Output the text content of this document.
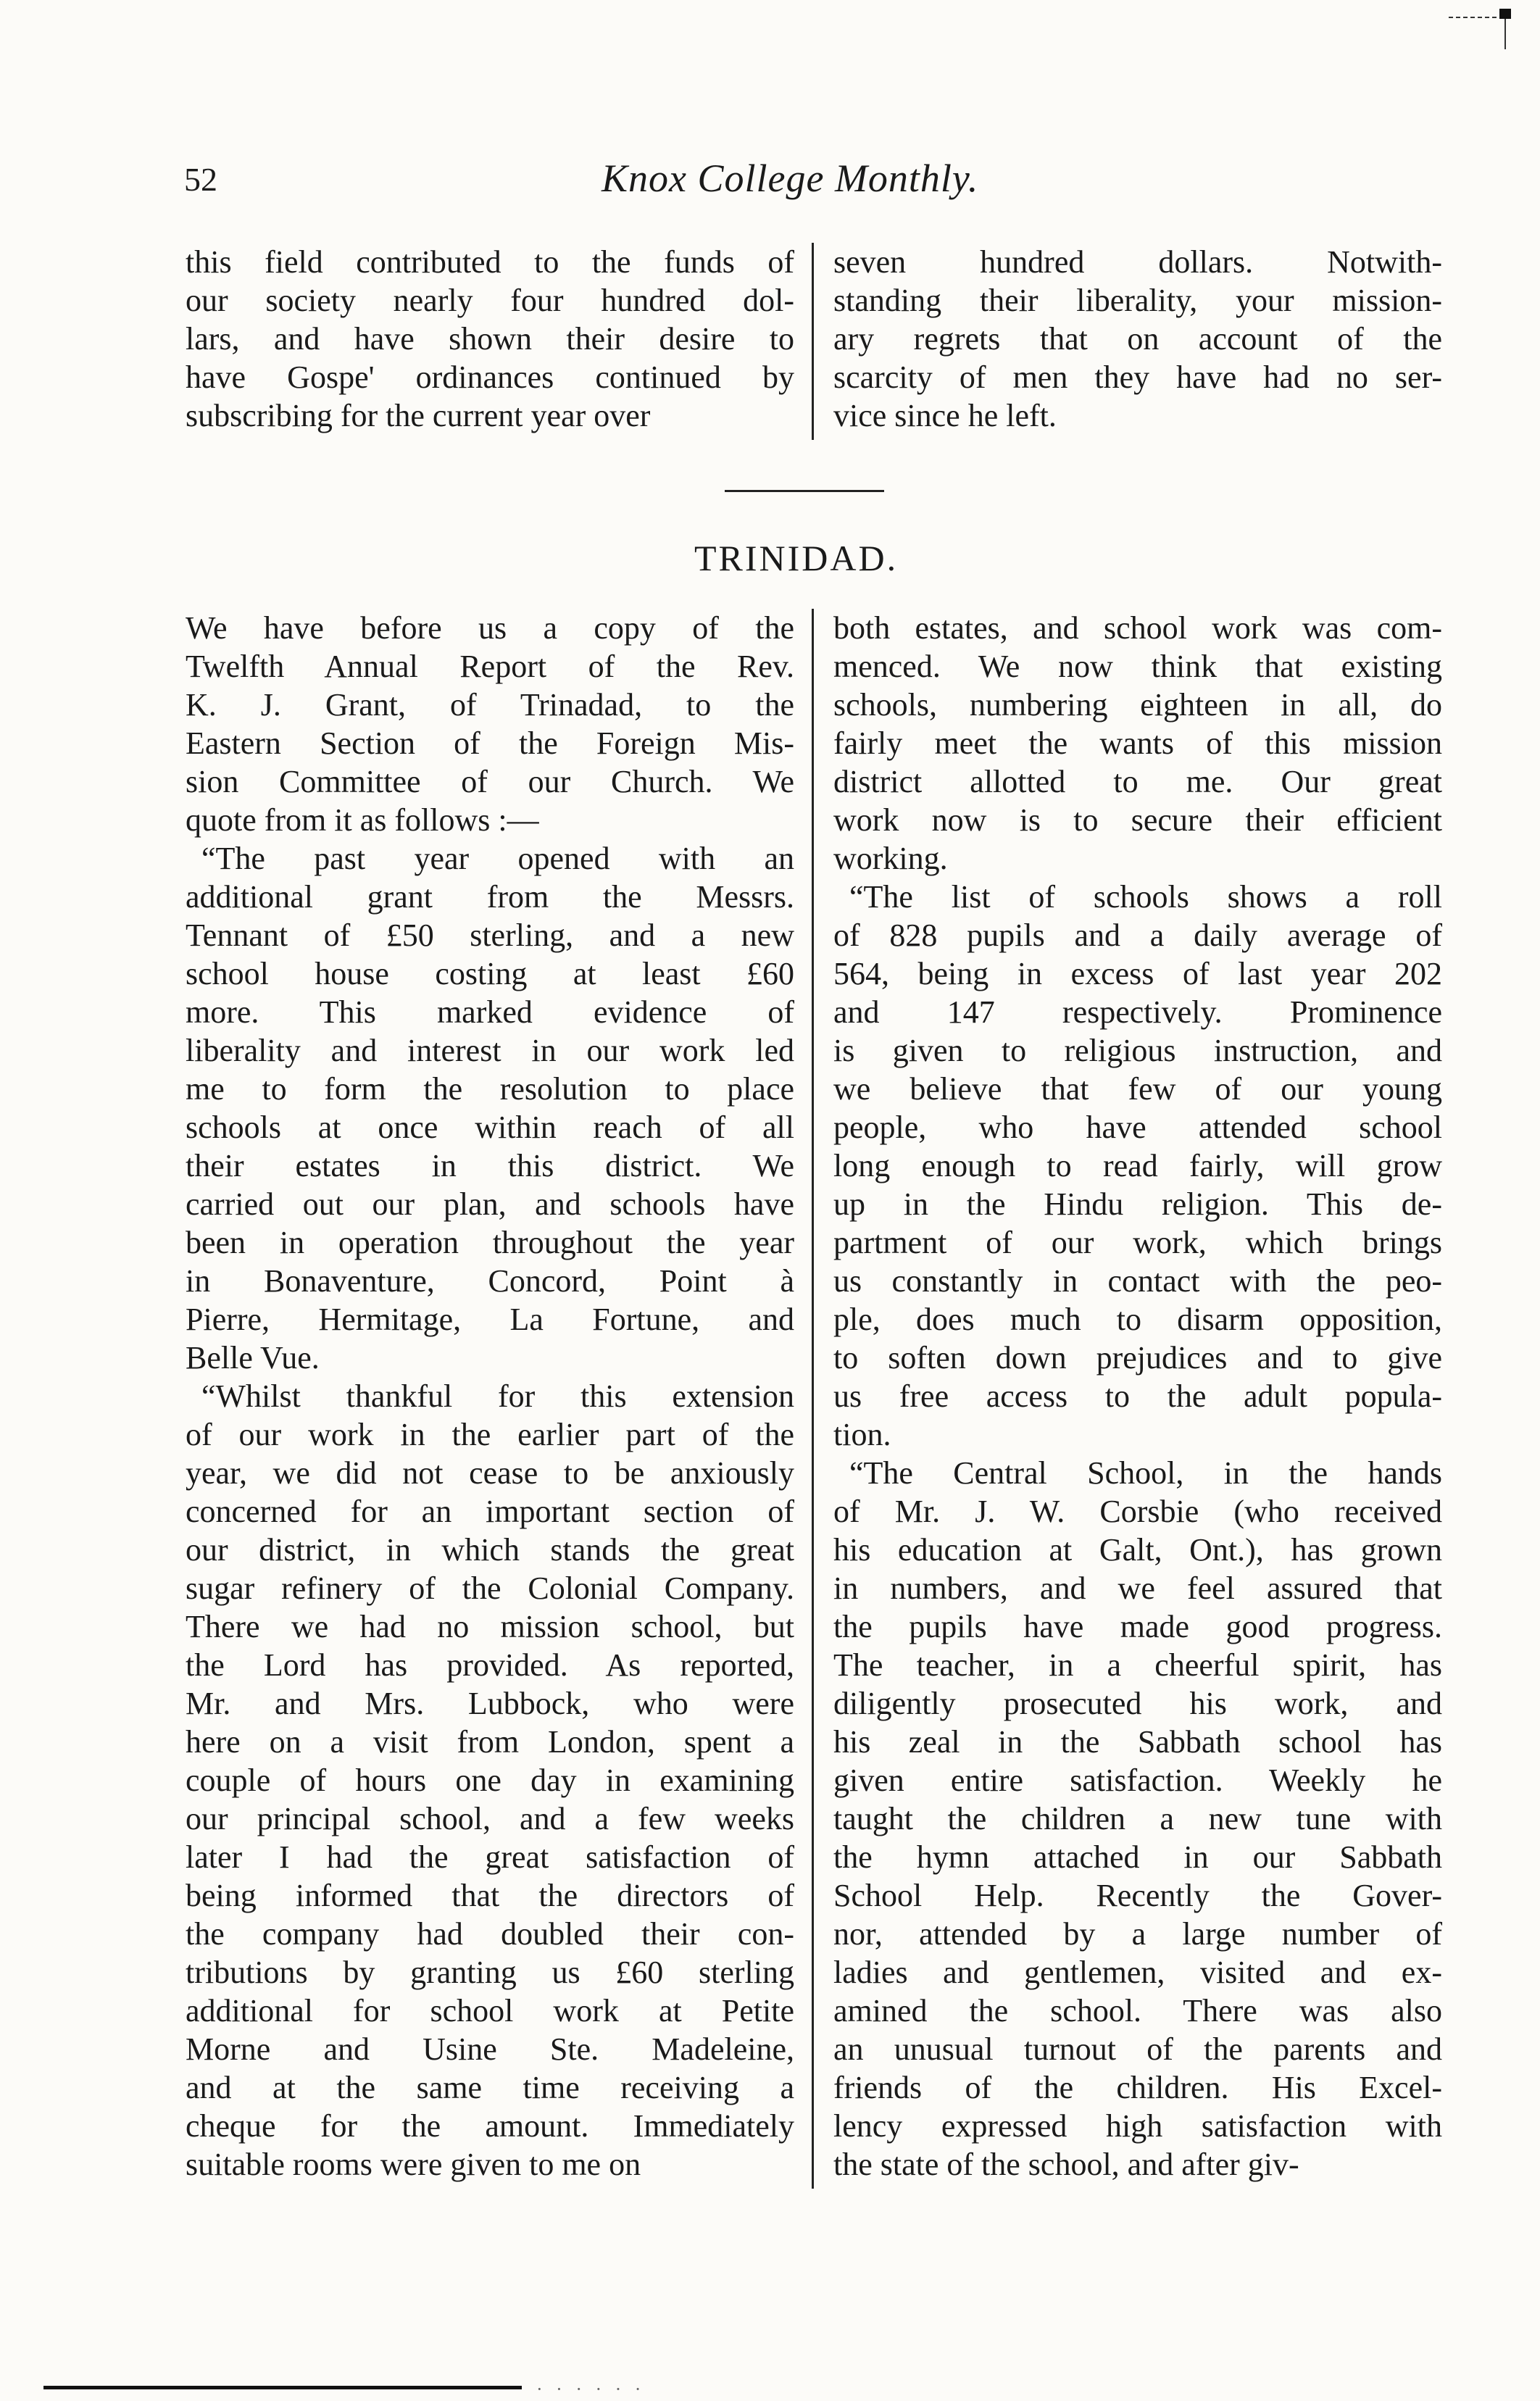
52	Knox College Monthly.
this field contributed to the funds of
our society nearly four hundred dol-
lars, and have shown their desire to
have Gospe' ordinances continued by
subscribing for the current year over
seven hundred dollars. Notwith-
standing their liberality, your mission-
ary regrets that on account of the
scarcity of men they have had no ser-
vice since he left.
TRINIDAD.
We have before us a copy of the
Twelfth Annual Report of the Rev.
K. J. Grant, of Trinadad, to the
Eastern Section of the Foreign Mis-
sion Committee of our Church. We
quote from it as follows :—
“The past year opened with an
additional grant from the Messrs.
Tennant of £50 sterling, and a new
school house costing at least £60
more. This marked evidence of
liberality and interest in our work led
me to form the resolution to place
schools at once within reach of all
their estates in this district. We
carried out our plan, and schools have
been in operation throughout the year
in Bonaventure, Concord, Point à
Pierre, Hermitage, La Fortune, and
Belle Vue.
“Whilst thankful for this extension
of our work in the earlier part of the
year, we did not cease to be anxiously
concerned for an important section of
our district, in which stands the great
sugar refinery of the Colonial Company.
There we had no mission school, but
the Lord has provided. As reported,
Mr. and Mrs. Lubbock, who were
here on a visit from London, spent a
couple of hours one day in examining
our principal school, and a few weeks
later I had the great satisfaction of
being informed that the directors of
the company had doubled their con-
tributions by granting us £60 sterling
additional for school work at Petite
Morne and Usine Ste. Madeleine,
and at the same time receiving a
cheque for the amount. Immediately
suitable rooms were given to me on
both estates, and school work was com-
menced. We now think that existing
schools, numbering eighteen in all, do
fairly meet the wants of this mission
district allotted to me. Our great
work now is to secure their efficient
working.
“The list of schools shows a roll
of 828 pupils and a daily average of
564, being in excess of last year 202
and 147 respectively. Prominence
is given to religious instruction, and
we believe that few of our young
people, who have attended school
long enough to read fairly, will grow
up in the Hindu religion. This de-
partment of our work, which brings
us constantly in contact with the peo-
ple, does much to disarm opposition,
to soften down prejudices and to give
us free access to the adult popula-
tion.
“The Central School, in the hands
of Mr. J. W. Corsbie (who received
his education at Galt, Ont.), has grown
in numbers, and we feel assured that
the pupils have made good progress.
The teacher, in a cheerful spirit, has
diligently prosecuted his work, and
his zeal in the Sabbath school has
given entire satisfaction. Weekly he
taught the children a new tune with
the hymn attached in our Sabbath
School Help. Recently the Gover-
nor, attended by a large number of
ladies and gentlemen, visited and ex-
amined the school. There was also
an unusual turnout of the parents and
friends of the children. His Excel-
lency expressed high satisfaction with
the state of the school, and after giv-
· · · · · ·
